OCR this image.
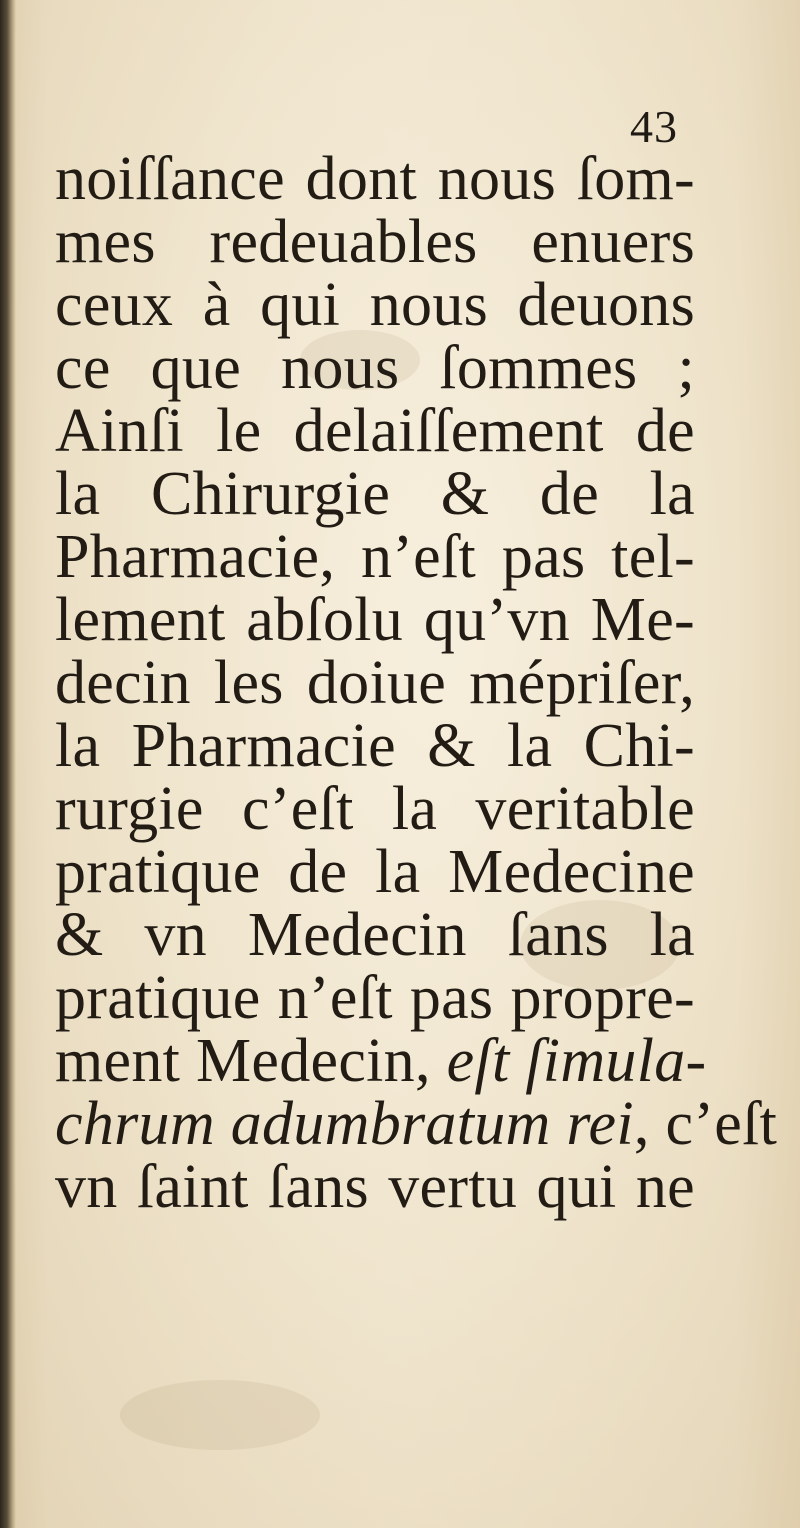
43
noiſſance dont nous ſom-
mes redeuables enuers
ceux à qui nous deuons
ce que nous ſommes ;
Ainſi le delaiſſement de
la Chirurgie & de la
Pharmacie, n’eſt pas tel-
lement abſolu qu’vn Me-
decin les doiue mépriſer,
la Pharmacie & la Chi-
rurgie c’eſt la veritable
pratique de la Medecine
& vn Medecin ſans la
pratique n’eſt pas propre-
ment Medecin, eſt ſimula-
chrum adumbratum rei, c’eſt
vn ſaint ſans vertu qui ne
